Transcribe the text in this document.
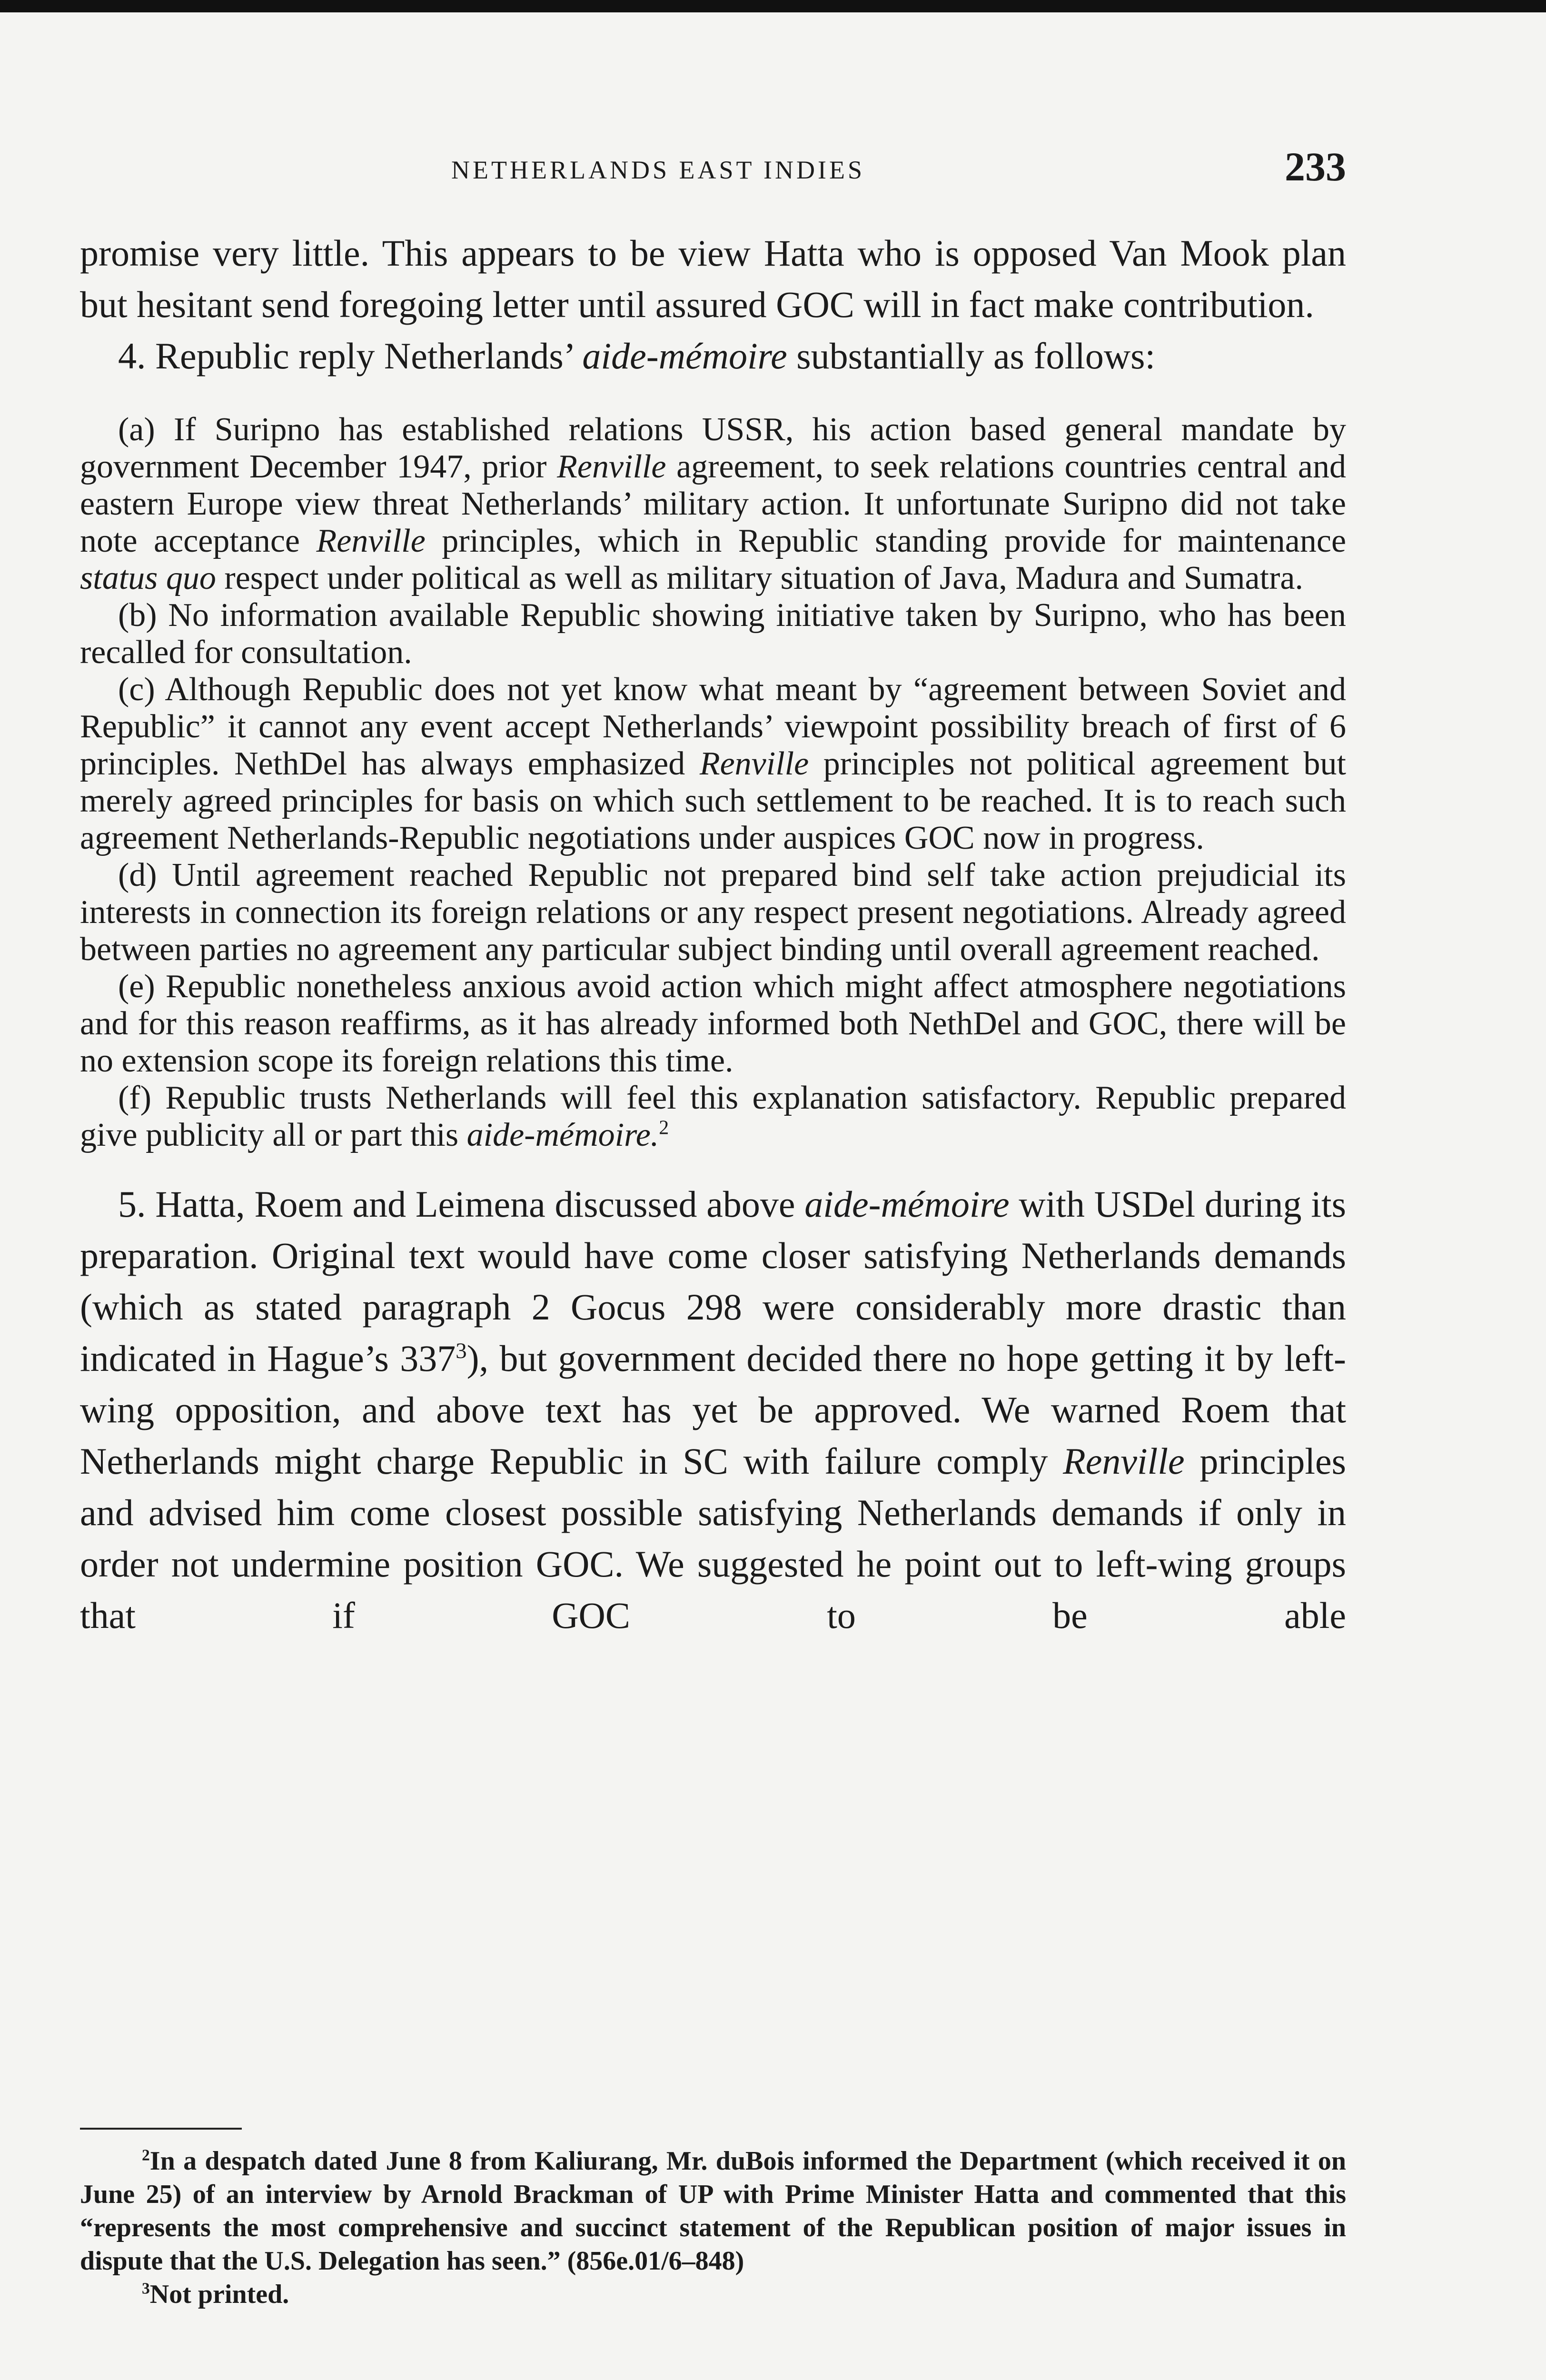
NETHERLANDS EAST INDIES	233

promise very little. This appears to be view Hatta who is opposed Van Mook plan but hesitant send foregoing letter until assured GOC will in fact make contribution.

4. Republic reply Netherlands’ aide-mémoire substantially as follows:

(a) If Suripno has established relations USSR, his action based general mandate by government December 1947, prior Renville agreement, to seek relations countries central and eastern Europe view threat Netherlands’ military action. It unfortunate Suripno did not take note acceptance Renville principles, which in Republic standing provide for maintenance status quo respect under political as well as military situation of Java, Madura and Sumatra.

(b) No information available Republic showing initiative taken by Suripno, who has been recalled for consultation.

(c) Although Republic does not yet know what meant by “agreement between Soviet and Republic” it cannot any event accept Netherlands’ viewpoint possibility breach of first of 6 principles. NethDel has always emphasized Renville principles not political agreement but merely agreed principles for basis on which such settlement to be reached. It is to reach such agreement Netherlands-Republic negotiations under auspices GOC now in progress.

(d) Until agreement reached Republic not prepared bind self take action prejudicial its interests in connection its foreign relations or any respect present negotiations. Already agreed between parties no agreement any particular subject binding until overall agreement reached.

(e) Republic nonetheless anxious avoid action which might affect atmosphere negotiations and for this reason reaffirms, as it has already informed both NethDel and GOC, there will be no extension scope its foreign relations this time.

(f) Republic trusts Netherlands will feel this explanation satisfactory. Republic prepared give publicity all or part this aide-mémoire.$^2$

5. Hatta, Roem and Leimena discussed above aide-mémoire with USDel during its preparation. Original text would have come closer satisfying Netherlands demands (which as stated paragraph 2 Gocus 298 were considerably more drastic than indicated in Hague’s $337^3$), but government decided there no hope getting it by left-wing opposition, and above text has yet be approved. We warned Roem that Netherlands might charge Republic in SC with failure comply Renville principles and advised him come closest possible satisfying Netherlands demands if only in order not undermine position GOC. We suggested he point out to left-wing groups that if GOC to be able

$^2$In a despatch dated June 8 from Kaliurang, Mr. duBois informed the Department (which received it on June 25) of an interview by Arnold Brackman of UP with Prime Minister Hatta and commented that this “represents the most comprehensive and succinct statement of the Republican position of major issues in dispute that the U.S. Delegation has seen.” (856e.01/6–848)

$^3$Not printed.
